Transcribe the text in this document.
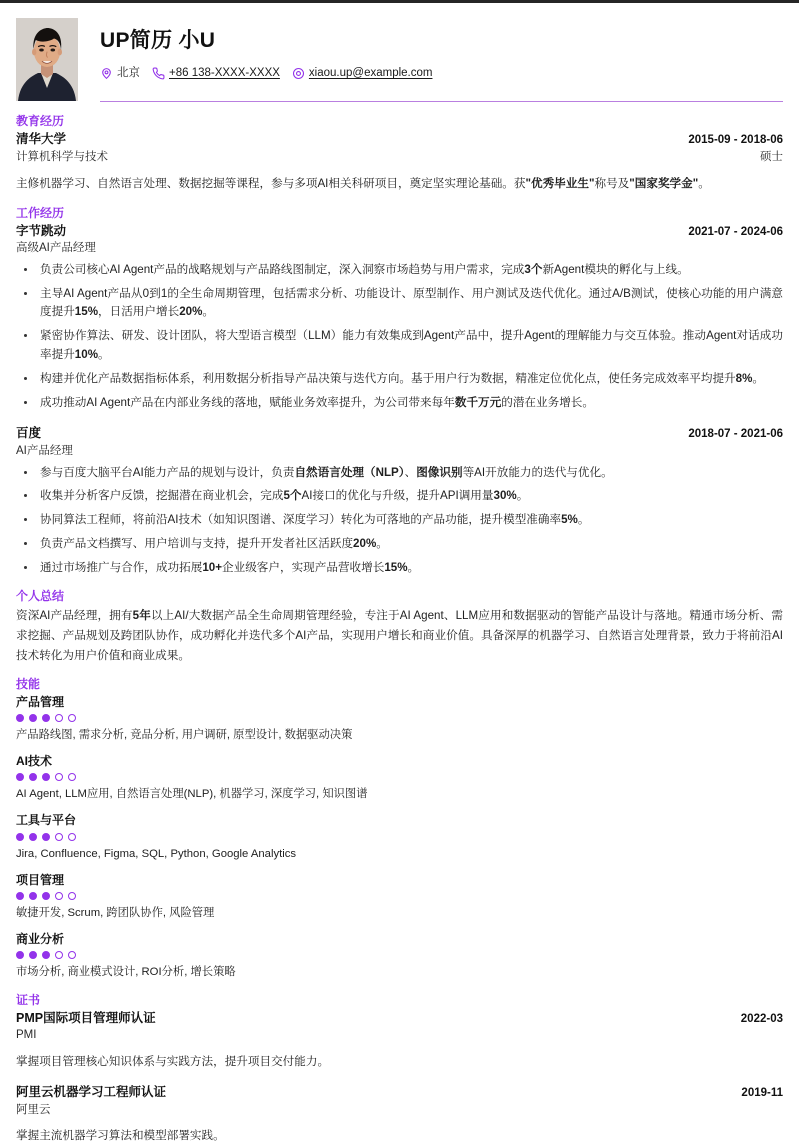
UP简历 小U
北京	+86 138-XXXX-XXXX	xiaou.up@example.com
教育经历
清华大学	2015-09 - 2018-06
计算机科学与技术	硕士
主修机器学习、自然语言处理、数据挖掘等课程，参与多项AI相关科研项目，奠定坚实理论基础。获"优秀毕业生"称号及"国家奖学金"。
工作经历
字节跳动	2021-07 - 2024-06
高级AI产品经理
负责公司核心AI Agent产品的战略规划与产品路线图制定，深入洞察市场趋势与用户需求，完成3个新Agent模块的孵化与上线。
主导AI Agent产品从0到1的全生命周期管理，包括需求分析、功能设计、原型制作、用户测试及迭代优化。通过A/B测试，使核心功能的用户满意度提升15%，日活用户增长20%。
紧密协作算法、研发、设计团队，将大型语言模型（LLM）能力有效集成到Agent产品中，提升Agent的理解能力与交互体验。推动Agent对话成功率提升10%。
构建并优化产品数据指标体系，利用数据分析指导产品决策与迭代方向。基于用户行为数据，精准定位优化点，使任务完成效率平均提升8%。
成功推动AI Agent产品在内部业务线的落地，赋能业务效率提升，为公司带来每年数千万元的潜在业务增长。
百度	2018-07 - 2021-06
AI产品经理
参与百度大脑平台AI能力产品的规划与设计，负责自然语言处理（NLP）、图像识别等AI开放能力的迭代与优化。
收集并分析客户反馈，挖掘潜在商业机会，完成5个AI接口的优化与升级，提升API调用量30%。
协同算法工程师，将前沿AI技术（如知识图谱、深度学习）转化为可落地的产品功能，提升模型准确率5%。
负责产品文档撰写、用户培训与支持，提升开发者社区活跃度20%。
通过市场推广与合作，成功拓展10+企业级客户，实现产品营收增长15%。
个人总结
资深AI产品经理，拥有5年以上AI/大数据产品全生命周期管理经验，专注于AI Agent、LLM应用和数据驱动的智能产品设计与落地。精通市场分析、需求挖掘、产品规划及跨团队协作，成功孵化并迭代多个AI产品，实现用户增长和商业价值。具备深厚的机器学习、自然语言处理背景，致力于将前沿AI技术转化为用户价值和商业成果。
技能
产品管理
产品路线图, 需求分析, 竞品分析, 用户调研, 原型设计, 数据驱动决策
AI技术
AI Agent, LLM应用, 自然语言处理(NLP), 机器学习, 深度学习, 知识图谱
工具与平台
Jira, Confluence, Figma, SQL, Python, Google Analytics
项目管理
敏捷开发, Scrum, 跨团队协作, 风险管理
商业分析
市场分析, 商业模式设计, ROI分析, 增长策略
证书
PMP国际项目管理师认证	2022-03
PMI
掌握项目管理核心知识体系与实践方法，提升项目交付能力。
阿里云机器学习工程师认证	2019-11
阿里云
掌握主流机器学习算法和模型部署实践。
